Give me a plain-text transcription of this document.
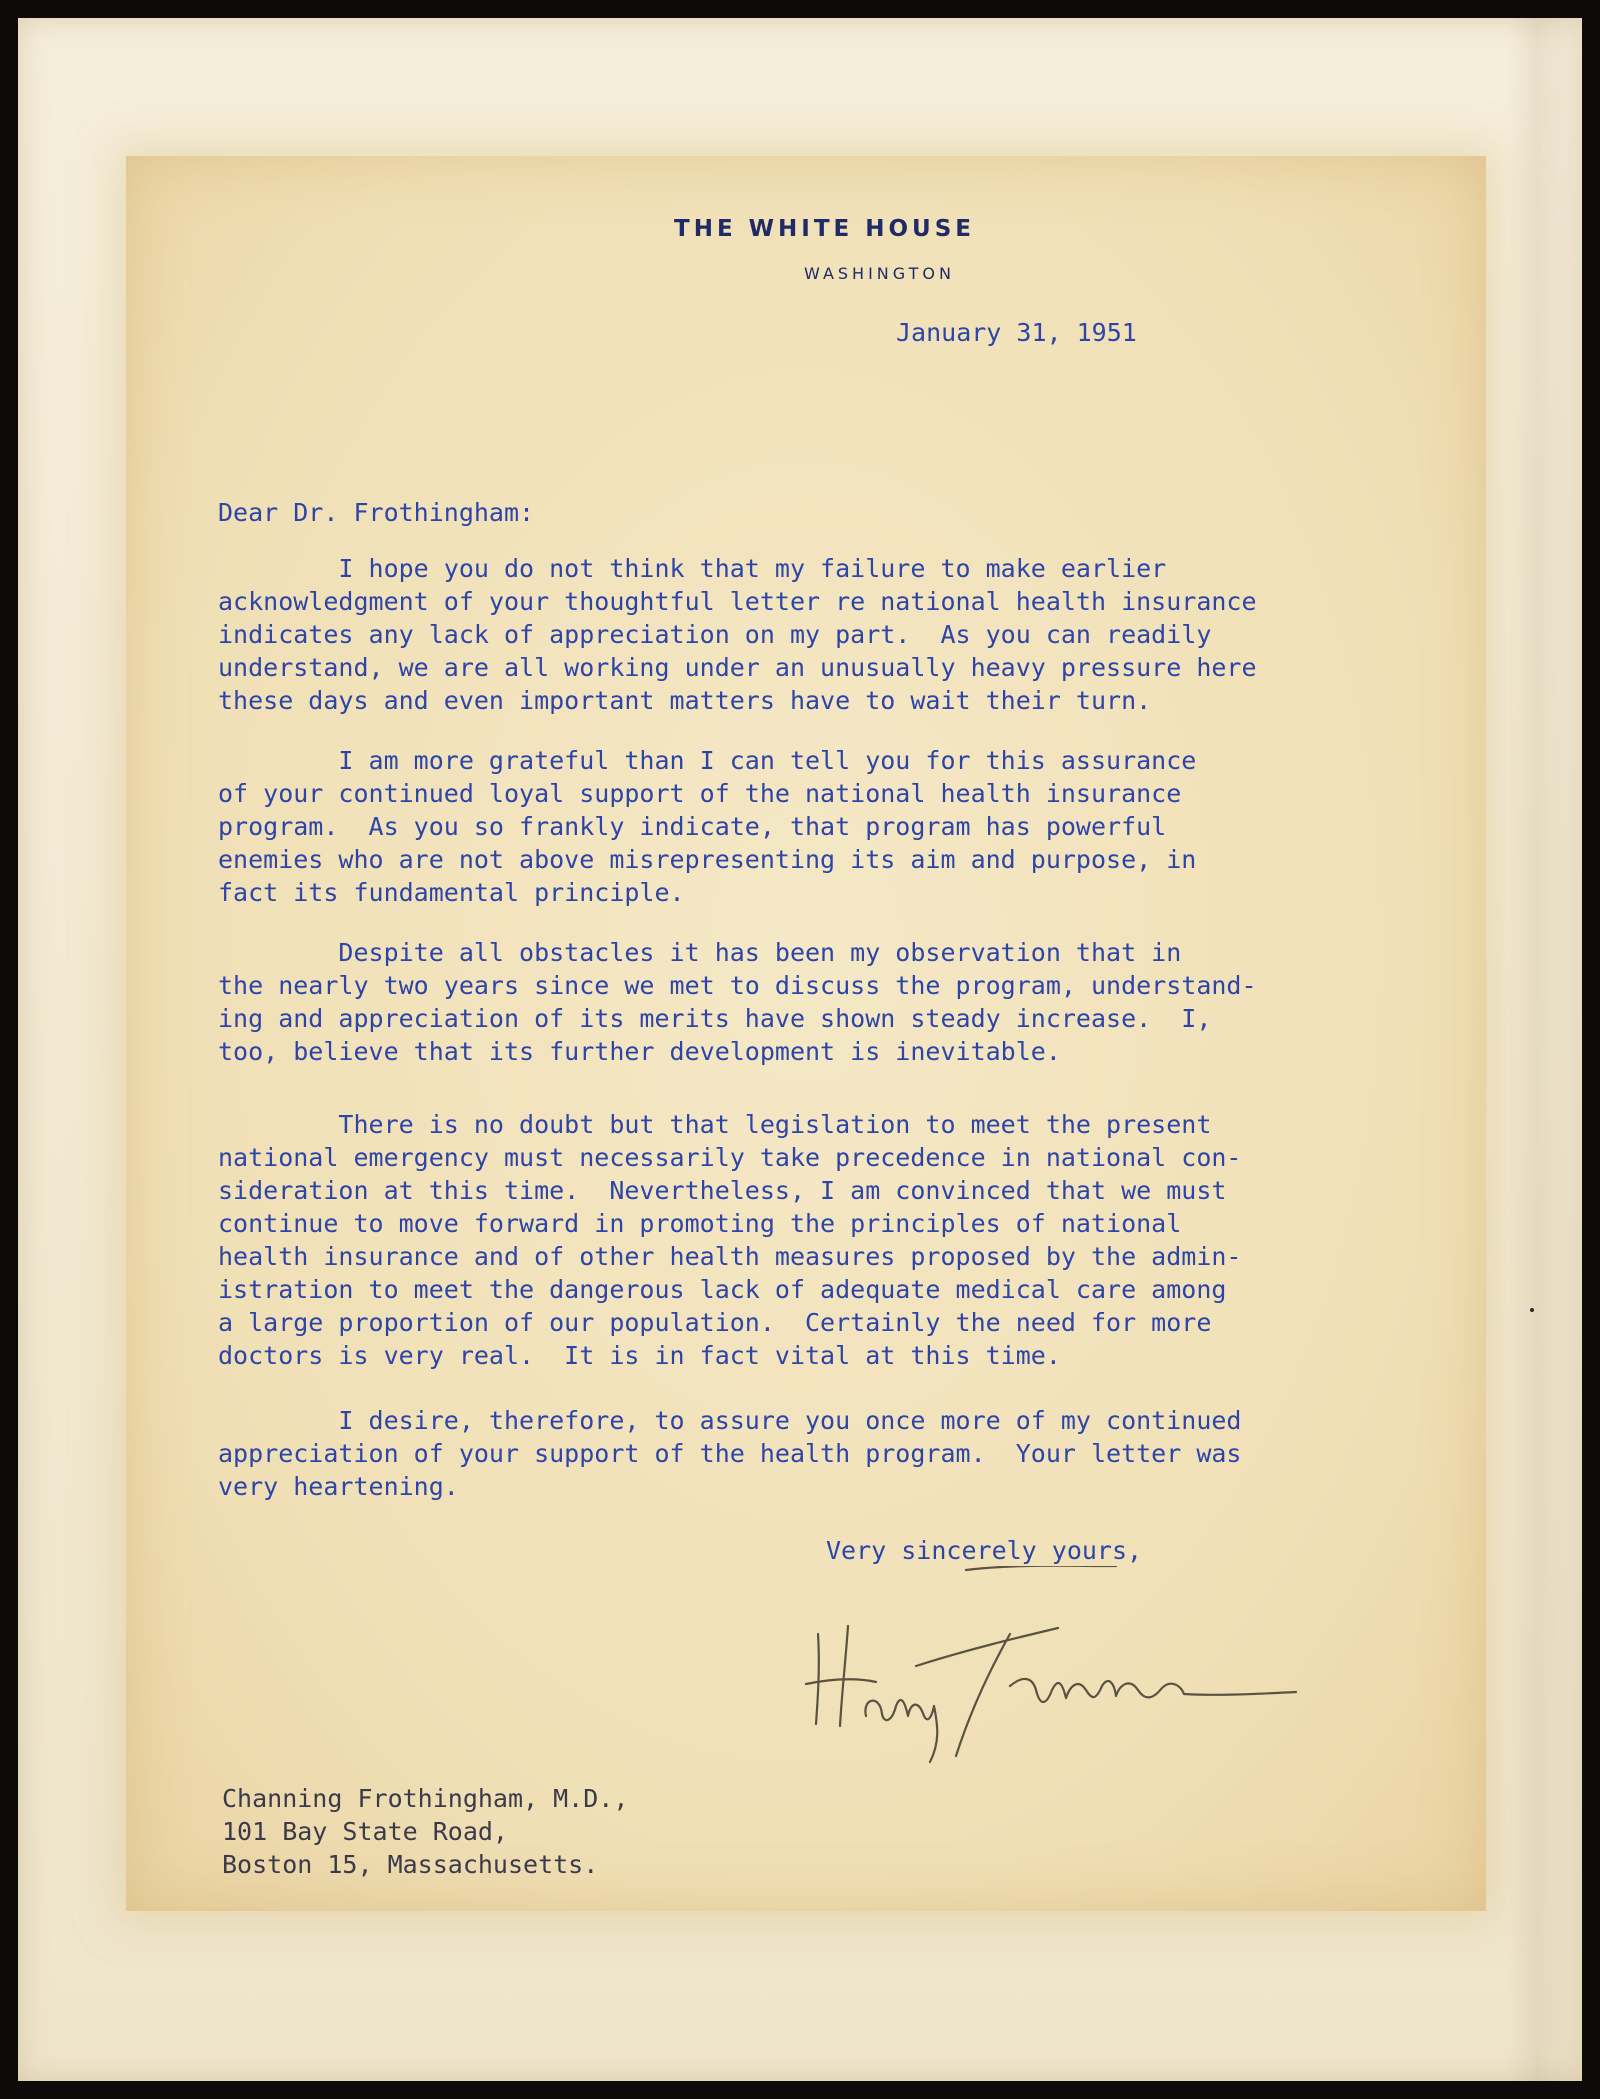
THE WHITE HOUSE
WASHINGTON
January 31, 1951
Dear Dr. Frothingham:
I hope you do not think that my failure to make earlier
acknowledgment of your thoughtful letter re national health insurance
indicates any lack of appreciation on my part.  As you can readily
understand, we are all working under an unusually heavy pressure here
these days and even important matters have to wait their turn.
I am more grateful than I can tell you for this assurance
of your continued loyal support of the national health insurance
program.  As you so frankly indicate, that program has powerful
enemies who are not above misrepresenting its aim and purpose, in
fact its fundamental principle.
Despite all obstacles it has been my observation that in
the nearly two years since we met to discuss the program, understand-
ing and appreciation of its merits have shown steady increase.  I,
too, believe that its further development is inevitable.
There is no doubt but that legislation to meet the present
national emergency must necessarily take precedence in national con-
sideration at this time.  Nevertheless, I am convinced that we must
continue to move forward in promoting the principles of national
health insurance and of other health measures proposed by the admin-
istration to meet the dangerous lack of adequate medical care among
a large proportion of our population.  Certainly the need for more
doctors is very real.  It is in fact vital at this time.
I desire, therefore, to assure you once more of my continued
appreciation of your support of the health program.  Your letter was
very heartening.
Very sincerely yours,
Channing Frothingham, M.D.,
101 Bay State Road,
Boston 15, Massachusetts.
